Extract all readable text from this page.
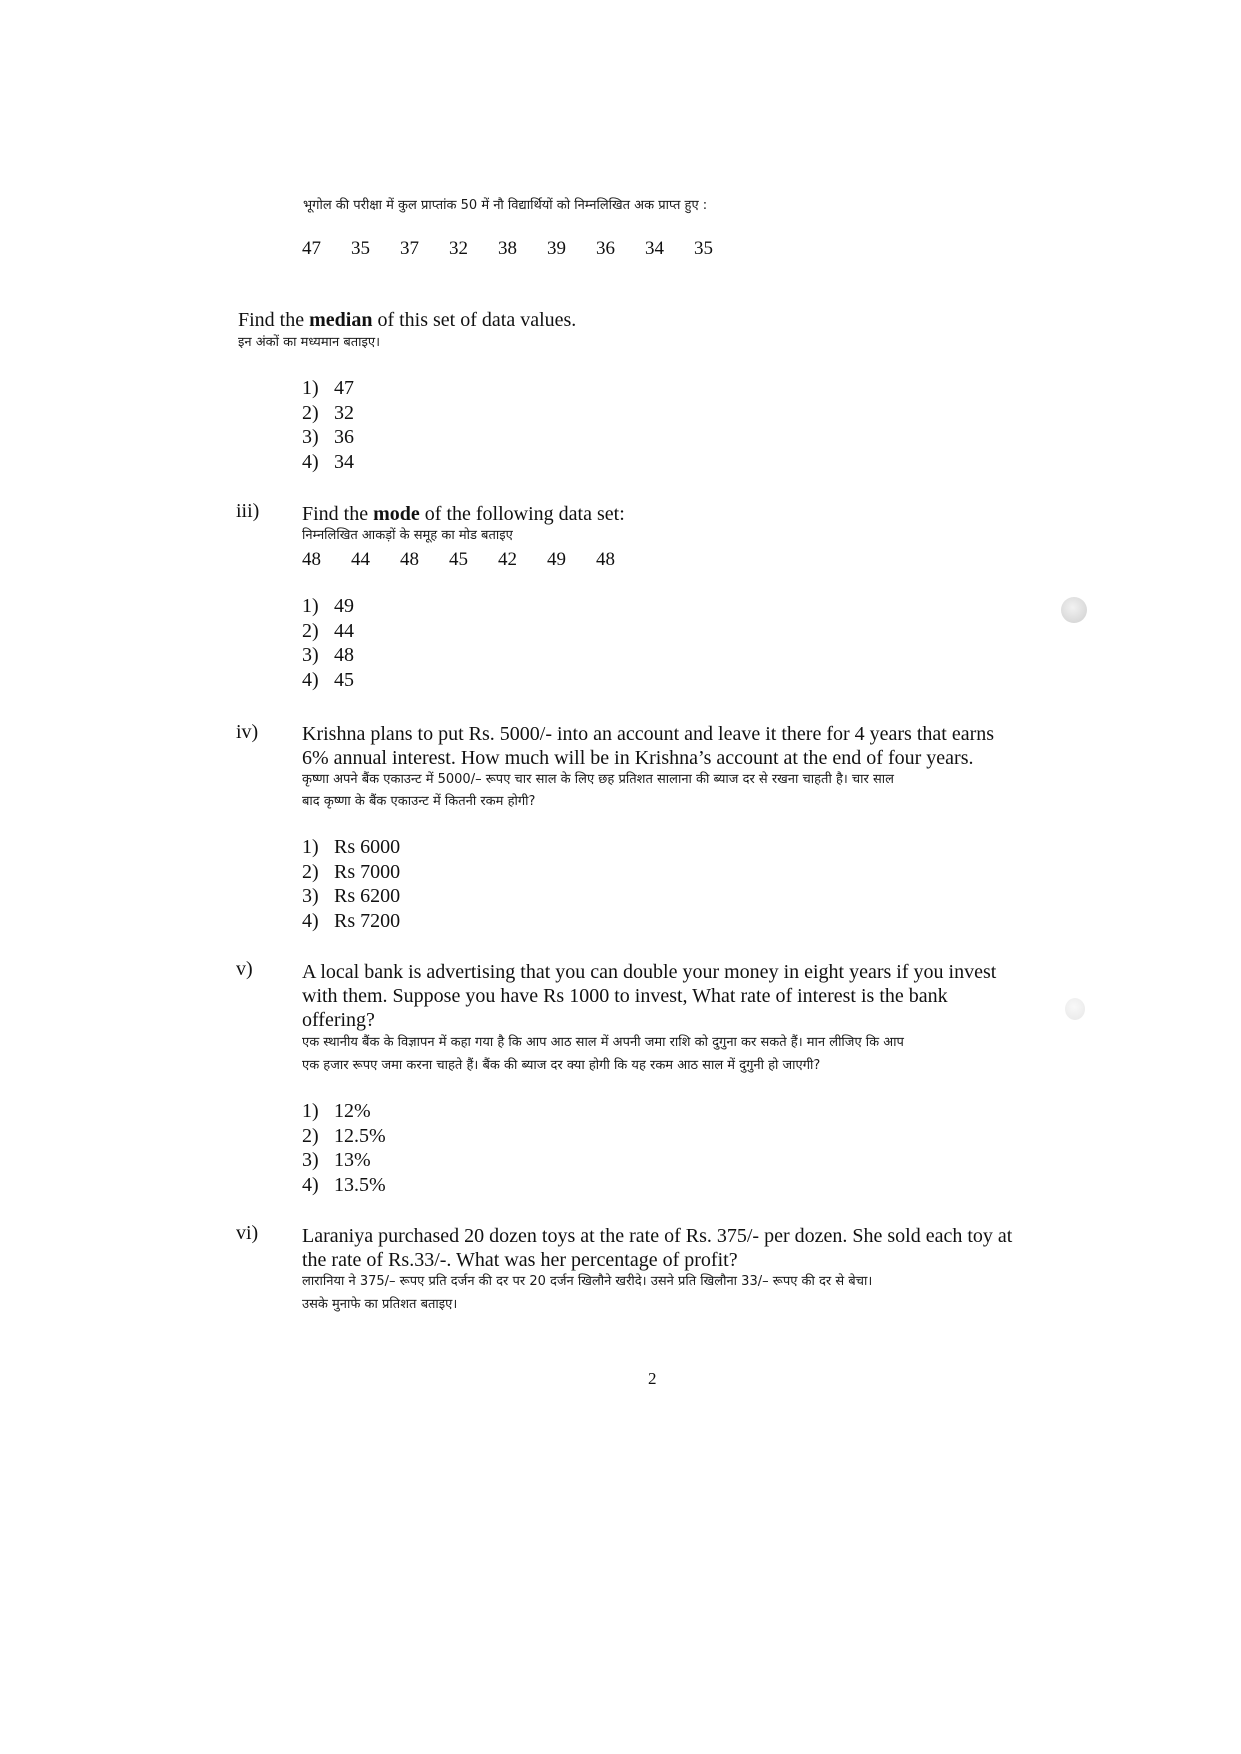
भूगोल की परीक्षा में कुल प्राप्तांक 50 में नौ विद्यार्थियों को निम्नलिखित अक प्राप्त हुए :
47 35 37 32 38 39 36 34 35
Find the median of this set of data values.
इन अंकों का मध्यमान बताइए।
1) 47
2) 32
3) 36
4) 34
iii) Find the mode of the following data set:
निम्नलिखित आकड़ों के समूह का मोड बताइए
48 44 48 45 42 49 48
1) 49
2) 44
3) 48
4) 45
iv) Krishna plans to put Rs. 5000/- into an account and leave it there for 4 years that earns
6% annual interest. How much will be in Krishna’s account at the end of four years.
कृष्णा अपने बैंक एकाउन्ट में 5000/– रूपए चार साल के लिए छह प्रतिशत सालाना की ब्याज दर से रखना चाहती है। चार साल
बाद कृष्णा के बैंक एकाउन्ट में कितनी रकम होगी?
1) Rs 6000
2) Rs 7000
3) Rs 6200
4) Rs 7200
v) A local bank is advertising that you can double your money in eight years if you invest
with them. Suppose you have Rs 1000 to invest, What rate of interest is the bank
offering?
एक स्थानीय बैंक के विज्ञापन में कहा गया है कि आप आठ साल में अपनी जमा राशि को दुगुना कर सकते हैं। मान लीजिए कि आप
एक हजार रूपए जमा करना चाहते हैं। बैंक की ब्याज दर क्या होगी कि यह रकम आठ साल में दुगुनी हो जाएगी?
1) 12%
2) 12.5%
3) 13%
4) 13.5%
vi) Laraniya purchased 20 dozen toys at the rate of Rs. 375/- per dozen. She sold each toy at
the rate of Rs.33/-. What was her percentage of profit?
लारानिया ने 375/– रूपए प्रति दर्जन की दर पर 20 दर्जन खिलौने खरीदे। उसने प्रति खिलौना 33/– रूपए की दर से बेचा।
उसके मुनाफे का प्रतिशत बताइए।
2
